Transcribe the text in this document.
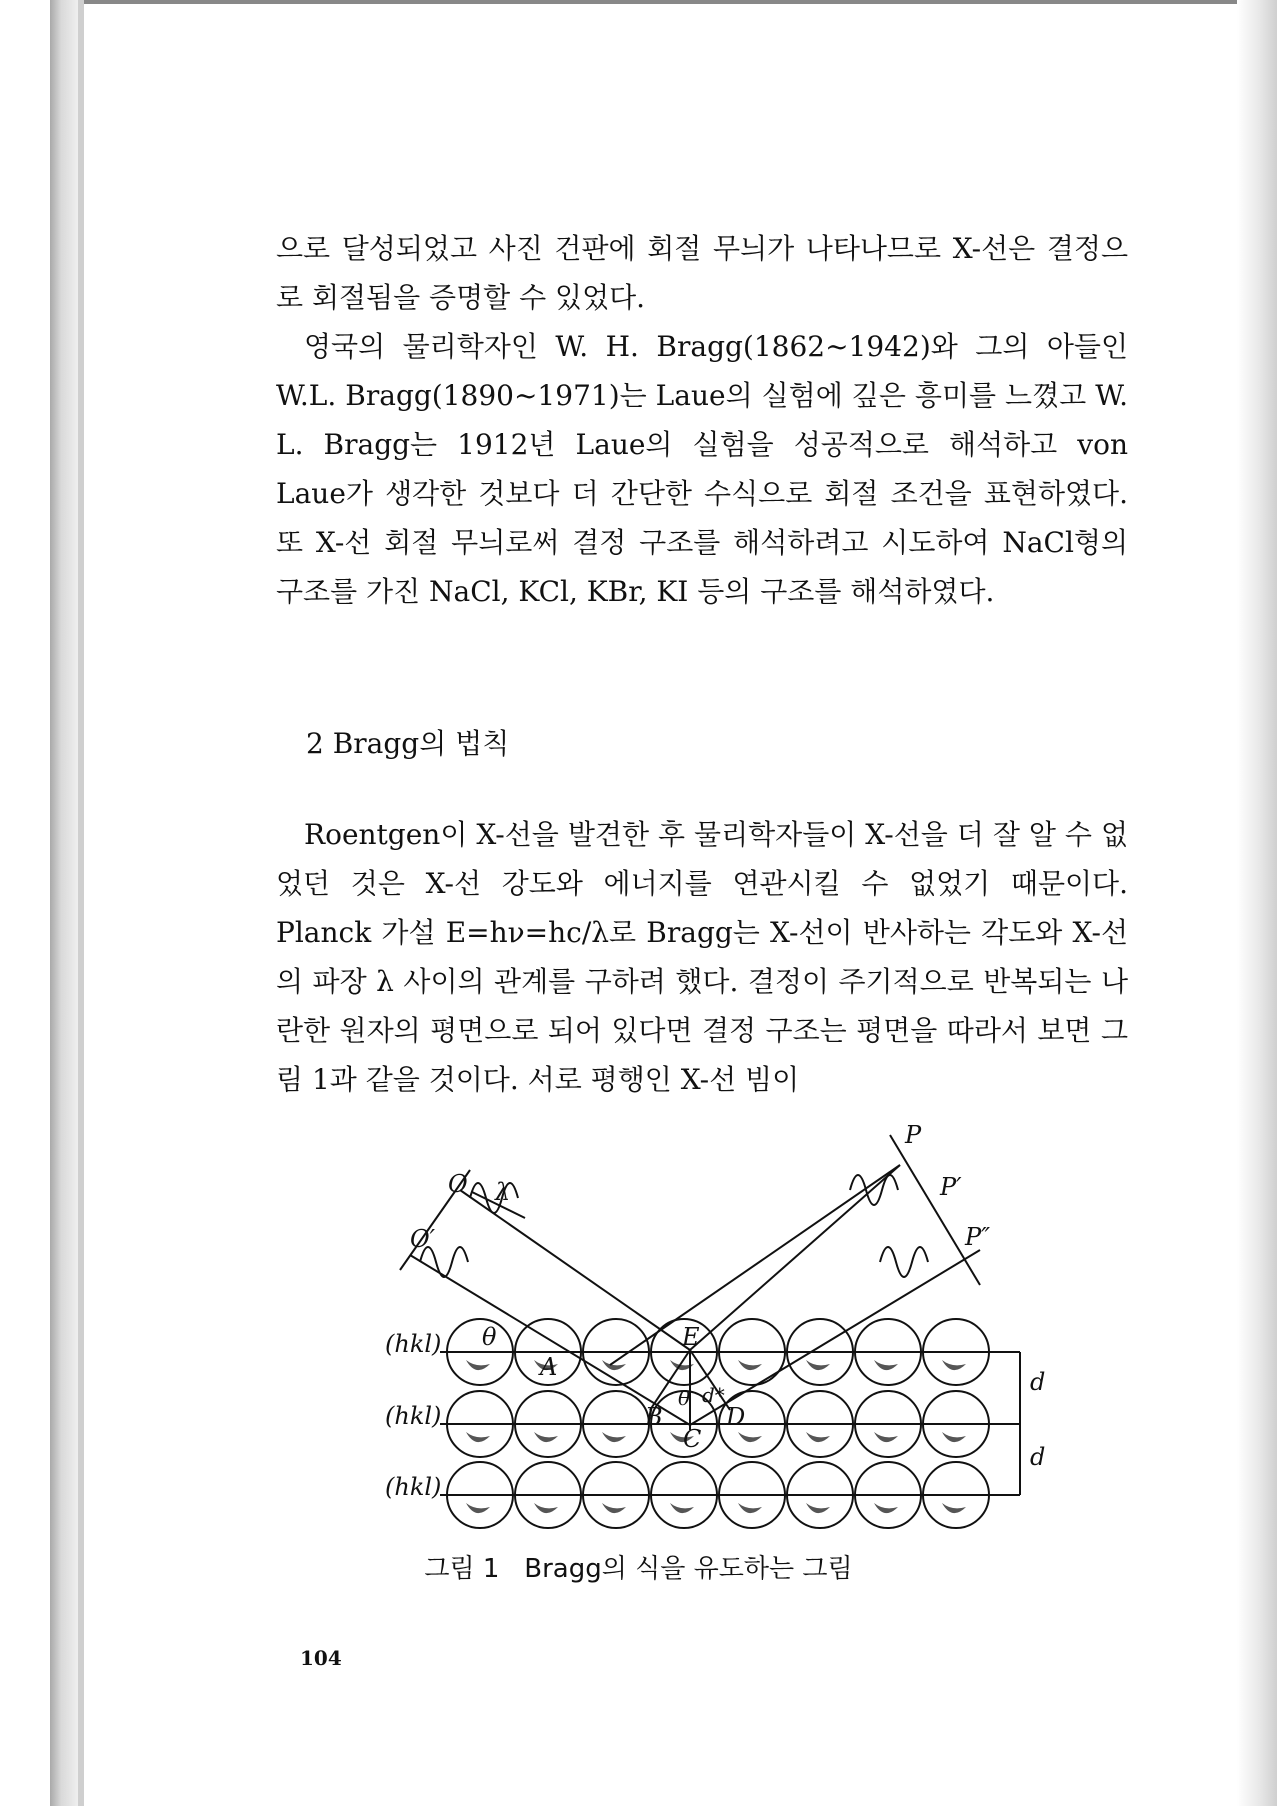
으로 달성되었고 사진 건판에 회절 무늬가 나타나므로 X-선은 결정으로 회절됨을 증명할 수 있었다.

영국의 물리학자인 W. H. Bragg(1862~1942)와 그의 아들인 W.L. Bragg(1890~1971)는 Laue의 실험에 깊은 흥미를 느꼈고 W. L. Bragg는 1912년 Laue의 실험을 성공적으로 해석하고 von Laue가 생각한 것보다 더 간단한 수식으로 회절 조건을 표현하였다. 또 X-선 회절 무늬로써 결정 구조를 해석하려고 시도하여 NaCl형의 구조를 가진 NaCl, KCl, KBr, KI 등의 구조를 해석하였다.

2 Bragg의 법칙

Roentgen이 X-선을 발견한 후 물리학자들이 X-선을 더 잘 알 수 없었던 것은 X-선 강도와 에너지를 연관시킬 수 없었기 때문이다. Planck 가설 E=hν=hc/λ로 Bragg는 X-선이 반사하는 각도와 X-선의 파장 λ 사이의 관계를 구하려 했다. 결정이 주기적으로 반복되는 나란한 원자의 평면으로 되어 있다면 결정 구조는 평면을 따라서 보면 그림 1과 같을 것이다. 서로 평행인 X-선 빔이

P
P′
P″
O
O′
λ
θ
θ
E
A
B
C
D
d*	d
d
(hkl)
(hkl)
(hkl)
그림 1 Bragg의 식을 유도하는 그림
104
